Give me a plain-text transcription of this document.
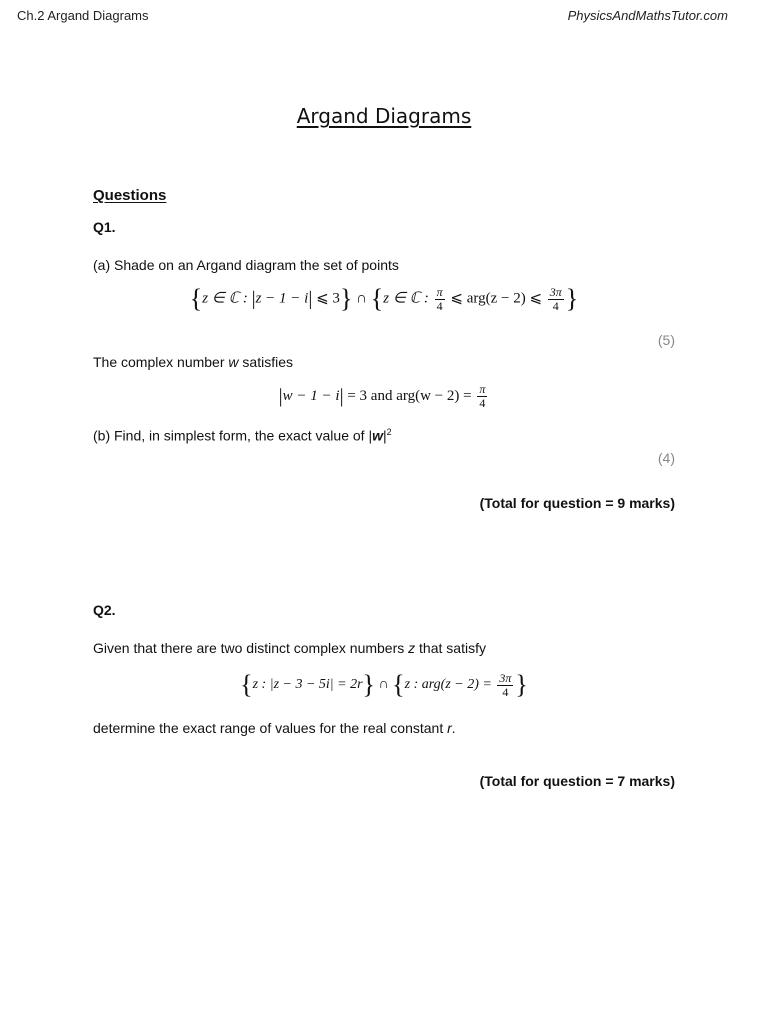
Ch.2 Argand Diagrams	PhysicsAndMathsTutor.com
Argand Diagrams
Questions
Q1.
(a) Shade on an Argand diagram the set of points
{z ∈ ℂ : |z − 1 − i| ⩽ 3} ∩ {z ∈ ℂ : $\frac{\pi}{4}$ ⩽ arg(z − 2) ⩽ $\frac{3\pi}{4}$ }
(5)
The complex number w satisfies
|w − 1 − i| = 3 and $arg(w - 2) = \frac{\pi}{4}$
(b) Find, in simplest form, the exact value of $|w|^2$
(4)
(Total for question = 9 marks)
Q2.
Given that there are two distinct complex numbers z that satisfy
{z : |z − 3 − 5i| = 2r} ∩ {z : $arg(z - 2) = \frac{3\pi}{4}$ }
determine the exact range of values for the real constant r.
(Total for question = 7 marks)
